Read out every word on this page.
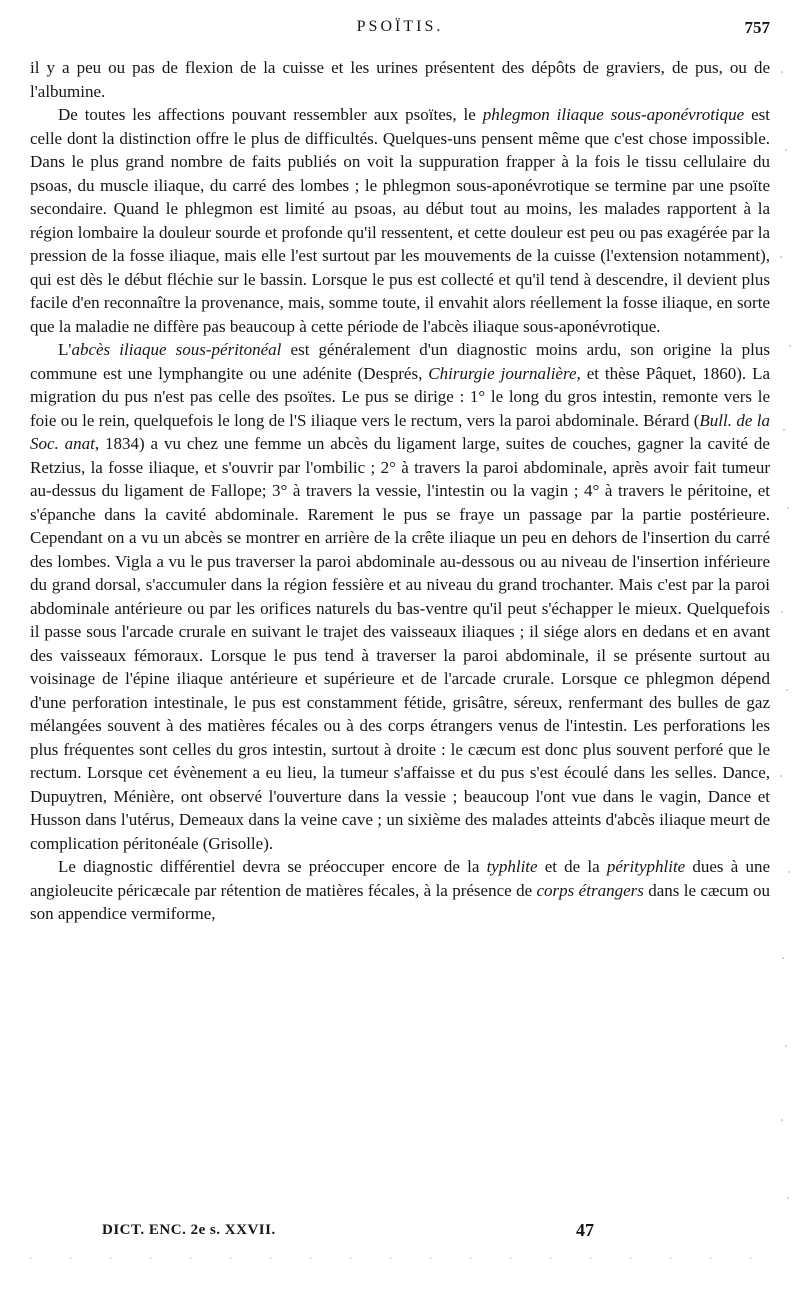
PSOÏTIS.	757

il y a peu ou pas de flexion de la cuisse et les urines présentent des dépôts de graviers, de pus, ou de l'albumine.

De toutes les affections pouvant ressembler aux psoïtes, le phlegmon iliaque sous-aponévrotique est celle dont la distinction offre le plus de difficultés. Quelques-uns pensent même que c'est chose impossible. Dans le plus grand nombre de faits publiés on voit la suppuration frapper à la fois le tissu cellulaire du psoas, du muscle iliaque, du carré des lombes ; le phlegmon sous-aponévrotique se termine par une psoïte secondaire. Quand le phlegmon est limité au psoas, au début tout au moins, les malades rapportent à la région lombaire la douleur sourde et profonde qu'il ressentent, et cette douleur est peu ou pas exagérée par la pression de la fosse iliaque, mais elle l'est surtout par les mouvements de la cuisse (l'extension notamment), qui est dès le début fléchie sur le bassin. Lorsque le pus est collecté et qu'il tend à descendre, il devient plus facile d'en reconnaître la provenance, mais, somme toute, il envahit alors réellement la fosse iliaque, en sorte que la maladie ne diffère pas beaucoup à cette période de l'abcès iliaque sous-aponévrotique.

L'abcès iliaque sous-péritonéal est généralement d'un diagnostic moins ardu, son origine la plus commune est une lymphangite ou une adénite (Després, Chirurgie journalière, et thèse Pâquet, 1860). La migration du pus n'est pas celle des psoïtes. Le pus se dirige : 1° le long du gros intestin, remonte vers le foie ou le rein, quelquefois le long de l'S iliaque vers le rectum, vers la paroi abdominale. Bérard (Bull. de la Soc. anat, 1834) a vu chez une femme un abcès du ligament large, suites de couches, gagner la cavité de Retzius, la fosse iliaque, et s'ouvrir par l'ombilic ; 2° à travers la paroi abdominale, après avoir fait tumeur au-dessus du ligament de Fallope; 3° à travers la vessie, l'intestin ou la vagin ; 4° à travers le péritoine, et s'épanche dans la cavité abdominale. Rarement le pus se fraye un passage par la partie postérieure. Cependant on a vu un abcès se montrer en arrière de la crête iliaque un peu en dehors de l'insertion du carré des lombes. Vigla a vu le pus traverser la paroi abdominale au-dessous ou au niveau de l'insertion inférieure du grand dorsal, s'accumuler dans la région fessière et au niveau du grand trochanter. Mais c'est par la paroi abdominale antérieure ou par les orifices naturels du bas-ventre qu'il peut s'échapper le mieux. Quelquefois il passe sous l'arcade crurale en suivant le trajet des vaisseaux iliaques ; il siége alors en dedans et en avant des vaisseaux fémoraux. Lorsque le pus tend à traverser la paroi abdominale, il se présente surtout au voisinage de l'épine iliaque antérieure et supérieure et de l'arcade crurale. Lorsque ce phlegmon dépend d'une perforation intestinale, le pus est constamment fétide, grisâtre, séreux, renfermant des bulles de gaz mélangées souvent à des matières fécales ou à des corps étrangers venus de l'intestin. Les perforations les plus fréquentes sont celles du gros intestin, surtout à droite : le cæcum est donc plus souvent perforé que le rectum. Lorsque cet évènement a eu lieu, la tumeur s'affaisse et du pus s'est écoulé dans les selles. Dance, Dupuytren, Ménière, ont observé l'ouverture dans la vessie ; beaucoup l'ont vue dans le vagin, Dance et Husson dans l'utérus, Demeaux dans la veine cave ; un sixième des malades atteints d'abcès iliaque meurt de complication péritonéale (Grisolle).

Le diagnostic différentiel devra se préoccuper encore de la typhlite et de la pérityphlite dues à une angioleucite péricæcale par rétention de matières fécales, à la présence de corps étrangers dans le cæcum ou son appendice vermiforme,

DICT. ENC. 2e s. XXVII.	47
